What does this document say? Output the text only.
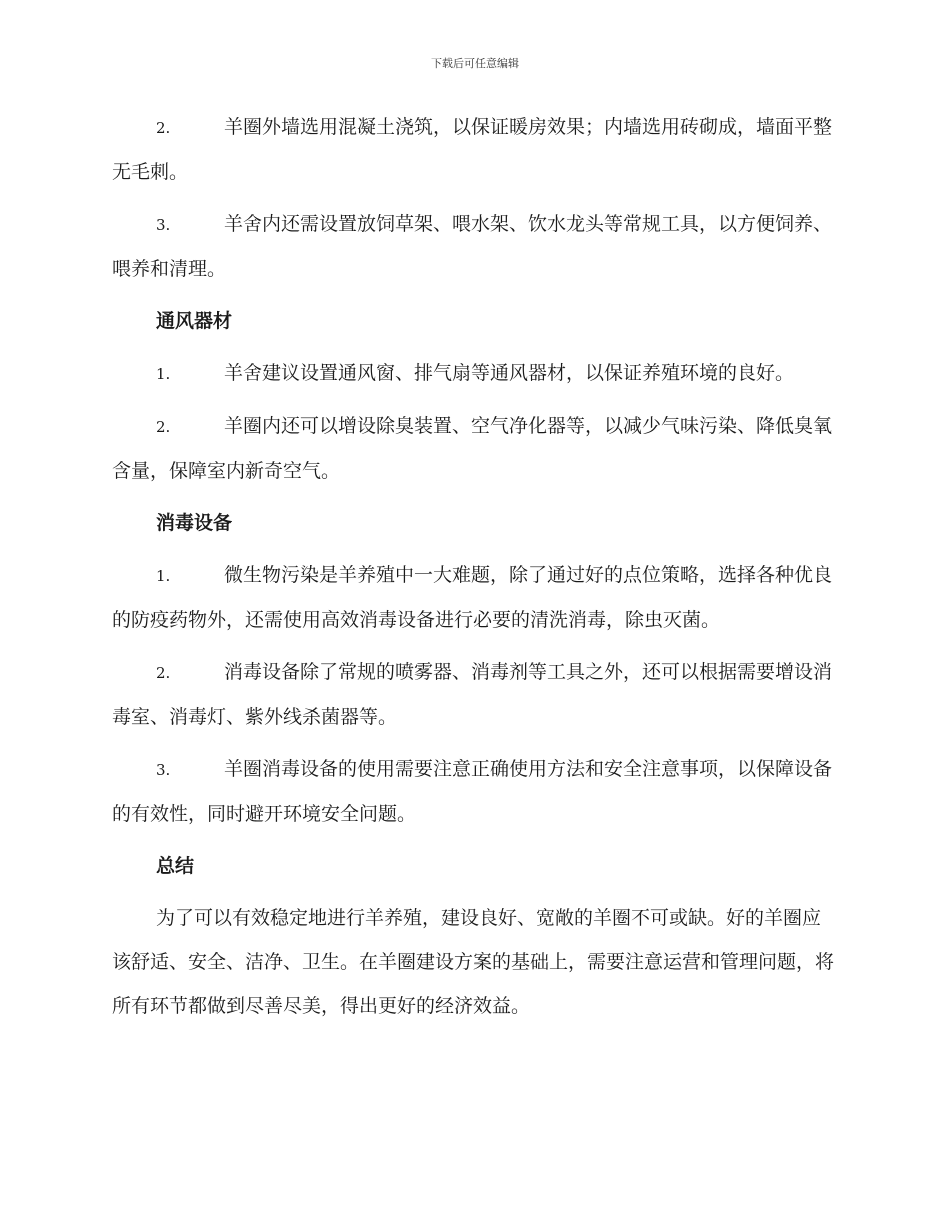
下载后可任意编辑

2.	羊圈外墙选用混凝土浇筑，以保证暖房效果；内墙选用砖砌成，墙面平整无毛刺。

3.	羊舍内还需设置放饲草架、喂水架、饮水龙头等常规工具，以方便饲养、喂养和清理。

通风器材

1.	羊舍建议设置通风窗、排气扇等通风器材，以保证养殖环境的良好。

2.	羊圈内还可以增设除臭装置、空气净化器等，以减少气味污染、降低臭氧含量，保障室内新奇空气。

消毒设备

1.	微生物污染是羊养殖中一大难题，除了通过好的点位策略，选择各种优良的防疫药物外，还需使用高效消毒设备进行必要的清洗消毒，除虫灭菌。

2.	消毒设备除了常规的喷雾器、消毒剂等工具之外，还可以根据需要增设消毒室、消毒灯、紫外线杀菌器等。

3.	羊圈消毒设备的使用需要注意正确使用方法和安全注意事项，以保障设备的有效性，同时避开环境安全问题。

总结

为了可以有效稳定地进行羊养殖，建设良好、宽敞的羊圈不可或缺。好的羊圈应该舒适、安全、洁净、卫生。在羊圈建设方案的基础上，需要注意运营和管理问题，将所有环节都做到尽善尽美，得出更好的经济效益。
